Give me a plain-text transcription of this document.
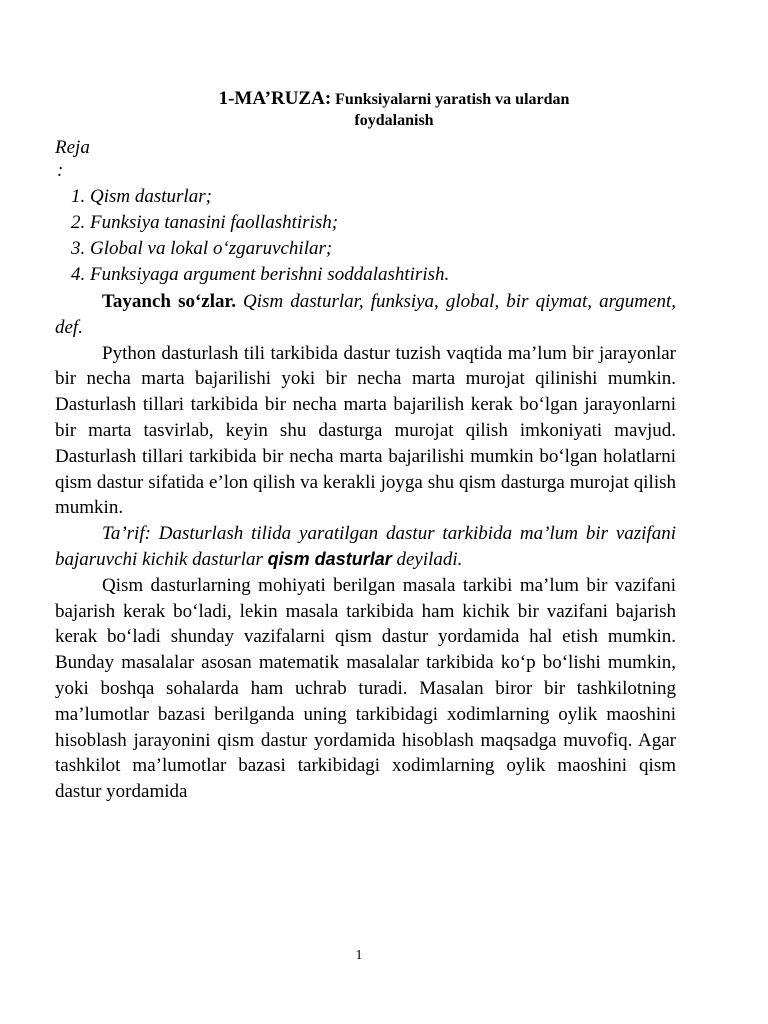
1-MA’RUZA: Funksiyalarni yaratish va ulardan
foydalanish
Reja
:
1. Qism dasturlar;
2. Funksiya tanasini faollashtirish;
3. Global va lokal o‘zgaruvchilar;
4. Funksiyaga argument berishni soddalashtirish.

Tayanch so‘zlar. Qism dasturlar, funksiya, global, bir qiymat, argument, def.

Python dasturlash tili tarkibida dastur tuzish vaqtida ma’lum bir jarayonlar bir necha marta bajarilishi yoki bir necha marta murojat qilinishi mumkin. Dasturlash tillari tarkibida bir necha marta bajarilish kerak bo‘lgan jarayonlarni bir marta tasvirlab, keyin shu dasturga murojat qilish imkoniyati mavjud. Dasturlash tillari tarkibida bir necha marta bajarilishi mumkin bo‘lgan holatlarni qism dastur sifatida e’lon qilish va kerakli joyga shu qism dasturga murojat qilish mumkin.

Ta’rif: Dasturlash tilida yaratilgan dastur tarkibida ma’lum bir vazifani bajaruvchi kichik dasturlar qism dasturlar deyiladi.

Qism dasturlarning mohiyati berilgan masala tarkibi ma’lum bir vazifani bajarish kerak bo‘ladi, lekin masala tarkibida ham kichik bir vazifani bajarish kerak bo‘ladi shunday vazifalarni qism dastur yordamida hal etish mumkin. Bunday masalalar asosan matematik masalalar tarkibida ko‘p bo‘lishi mumkin, yoki boshqa sohalarda ham uchrab turadi. Masalan biror bir tashkilotning ma’lumotlar bazasi berilganda uning tarkibidagi xodimlarning oylik maoshini hisoblash jarayonini qism dastur yordamida hisoblash maqsadga muvofiq. Agar tashkilot ma’lumotlar bazasi tarkibidagi xodimlarning oylik maoshini qism dastur yordamida

1
